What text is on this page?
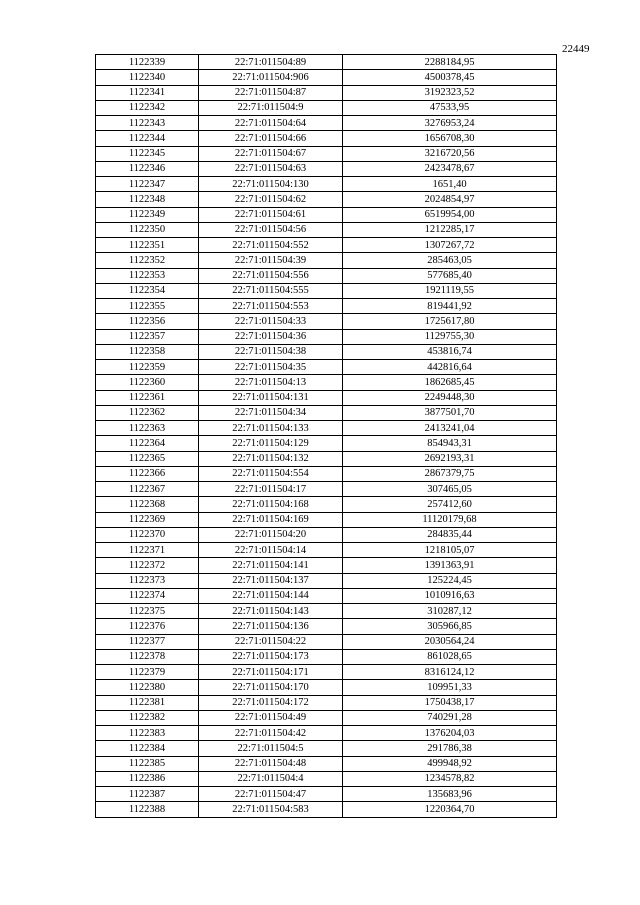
22449
1122339	22:71:011504:89	2288184,95
1122340	22:71:011504:906	4500378,45
1122341	22:71:011504:87	3192323,52
1122342	22:71:011504:9	47533,95
1122343	22:71:011504:64	3276953,24
1122344	22:71:011504:66	1656708,30
1122345	22:71:011504:67	3216720,56
1122346	22:71:011504:63	2423478,67
1122347	22:71:011504:130	1651,40
1122348	22:71:011504:62	2024854,97
1122349	22:71:011504:61	6519954,00
1122350	22:71:011504:56	1212285,17
1122351	22:71:011504:552	1307267,72
1122352	22:71:011504:39	285463,05
1122353	22:71:011504:556	577685,40
1122354	22:71:011504:555	1921119,55
1122355	22:71:011504:553	819441,92
1122356	22:71:011504:33	1725617,80
1122357	22:71:011504:36	1129755,30
1122358	22:71:011504:38	453816,74
1122359	22:71:011504:35	442816,64
1122360	22:71:011504:13	1862685,45
1122361	22:71:011504:131	2249448,30
1122362	22:71:011504:34	3877501,70
1122363	22:71:011504:133	2413241,04
1122364	22:71:011504:129	854943,31
1122365	22:71:011504:132	2692193,31
1122366	22:71:011504:554	2867379,75
1122367	22:71:011504:17	307465,05
1122368	22:71:011504:168	257412,60
1122369	22:71:011504:169	11120179,68
1122370	22:71:011504:20	284835,44
1122371	22:71:011504:14	1218105,07
1122372	22:71:011504:141	1391363,91
1122373	22:71:011504:137	125224,45
1122374	22:71:011504:144	1010916,63
1122375	22:71:011504:143	310287,12
1122376	22:71:011504:136	305966,85
1122377	22:71:011504:22	2030564,24
1122378	22:71:011504:173	861028,65
1122379	22:71:011504:171	8316124,12
1122380	22:71:011504:170	109951,33
1122381	22:71:011504:172	1750438,17
1122382	22:71:011504:49	740291,28
1122383	22:71:011504:42	1376204,03
1122384	22:71:011504:5	291786,38
1122385	22:71:011504:48	499948,92
1122386	22:71:011504:4	1234578,82
1122387	22:71:011504:47	135683,96
1122388	22:71:011504:583	1220364,70
